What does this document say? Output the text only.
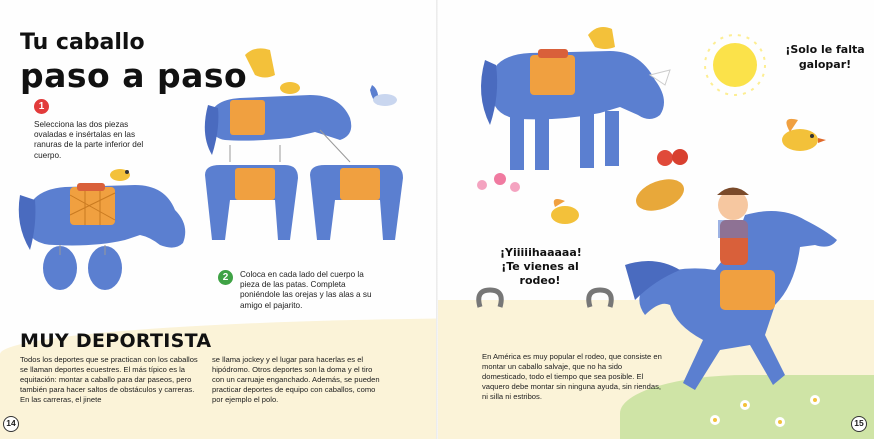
Tu caballo
paso a paso
1
Selecciona las dos piezas ovaladas e insértalas en las ranuras de la parte inferior del cuerpo.
2	Coloca en cada lado del cuerpo la pieza de las patas. Completa poniéndole las orejas y las alas a su amigo el pajarito.
MUY DEPORTISTA
Todos los deportes que se practican con los caballos se llaman deportes ecuestres. El más típico es la equitación: montar a caballo para dar paseos, pero también para hacer saltos de obstáculos y carreras. En las carreras, el jinete
se llama jockey y el lugar para hacerlas es el hipódromo. Otros deportes son la doma y el tiro con un carruaje enganchado. Además, se pueden practicar deportes de equipo con caballos, como por ejemplo el polo.
14
¡Solo le falta galopar!
¡Yiiiiihaaaaa! ¡Te vienes al rodeo!
En América es muy popular el rodeo, que consiste en montar un caballo salvaje, que no ha sido domesticado, todo el tiempo que sea posible. El vaquero debe montar sin ninguna ayuda, sin riendas, ni silla ni estribos.
15
